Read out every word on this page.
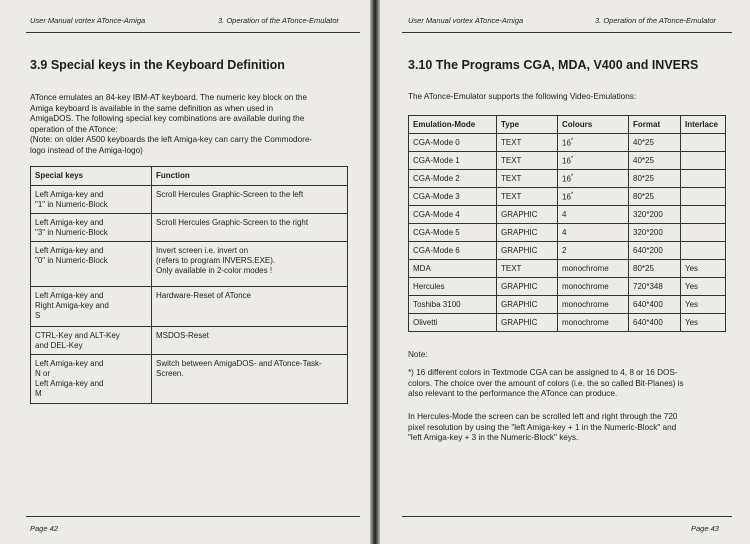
User Manual vortex ATonce-Amiga	3. Operation of the ATonce-Emulator
3.9 Special keys in the Keyboard Definition

ATonce emulates an 84-key IBM-AT keyboard. The numeric key block on the

Amiga keyboard is available in the same definition as when used in

AmigaDOS. The following special key combinations are available during the

operation of the ATonce:

(Note: on older A500 keyboards the left Amiga-key can carry the Commodore-

logo instead of the Amiga-logo)

Special keys	Function

Left Amiga-key and
"1" in Numeric-Block	Scroll Hercules Graphic-Screen to the left

Left Amiga-key and
"3" in Numeric-Block	Scroll Hercules Graphic-Screen to the right

Left Amiga-key and
"0" in Numeric-Block	Invert screen i.e. invert on
(refers to program INVERS.EXE).
Only available in 2-color modes !

Left Amiga-key and
Right Amiga-key and
S	Hardware-Reset of ATonce

CTRL-Key and ALT-Key
and DEL-Key	MSDOS-Reset

Left Amiga-key and
N or
Left Amiga-key and
M	Switch between AmigaDOS- and ATonce-Task-
Screen.
Page 42
User Manual vortex ATonce-Amiga	3. Operation of the ATonce-Emulator
3.10 The Programs CGA, MDA, V400 and INVERS
The ATonce-Emulator supports the following Video-Emulations:
Emulation-Mode	Type	Colours	Format	Interlace
CGA-Mode 0	TEXT	16*	40*25	
CGA-Mode 1	TEXT	16*	40*25	
CGA-Mode 2	TEXT	16*	80*25	
CGA-Mode 3	TEXT	16*	80*25	
CGA-Mode 4	GRAPHIC	4	320*200	
CGA-Mode 5	GRAPHIC	4	320*200	
CGA-Mode 6	GRAPHIC	2	640*200	
MDA	TEXT	monochrome	80*25	Yes
Hercules	GRAPHIC	monochrome	720*348	Yes
Toshiba 3100	GRAPHIC	monochrome	640*400	Yes
Olivetti	GRAPHIC	monochrome	640*400	Yes
Note:

*) 16 different colors in Textmode CGA can be assigned to 4, 8 or 16 DOS-

colors. The choice over the amount of colors (i.e. the so called Bit-Planes) is

also relevant to the performance the ATonce can produce.

In Hercules-Mode the screen can be scrolled left and right through the 720

pixel resolution by using the "left Amiga-key + 1 in the Numeric-Block" and

"left Amiga-key + 3 in the Numeric-Block" keys.

Page 43
